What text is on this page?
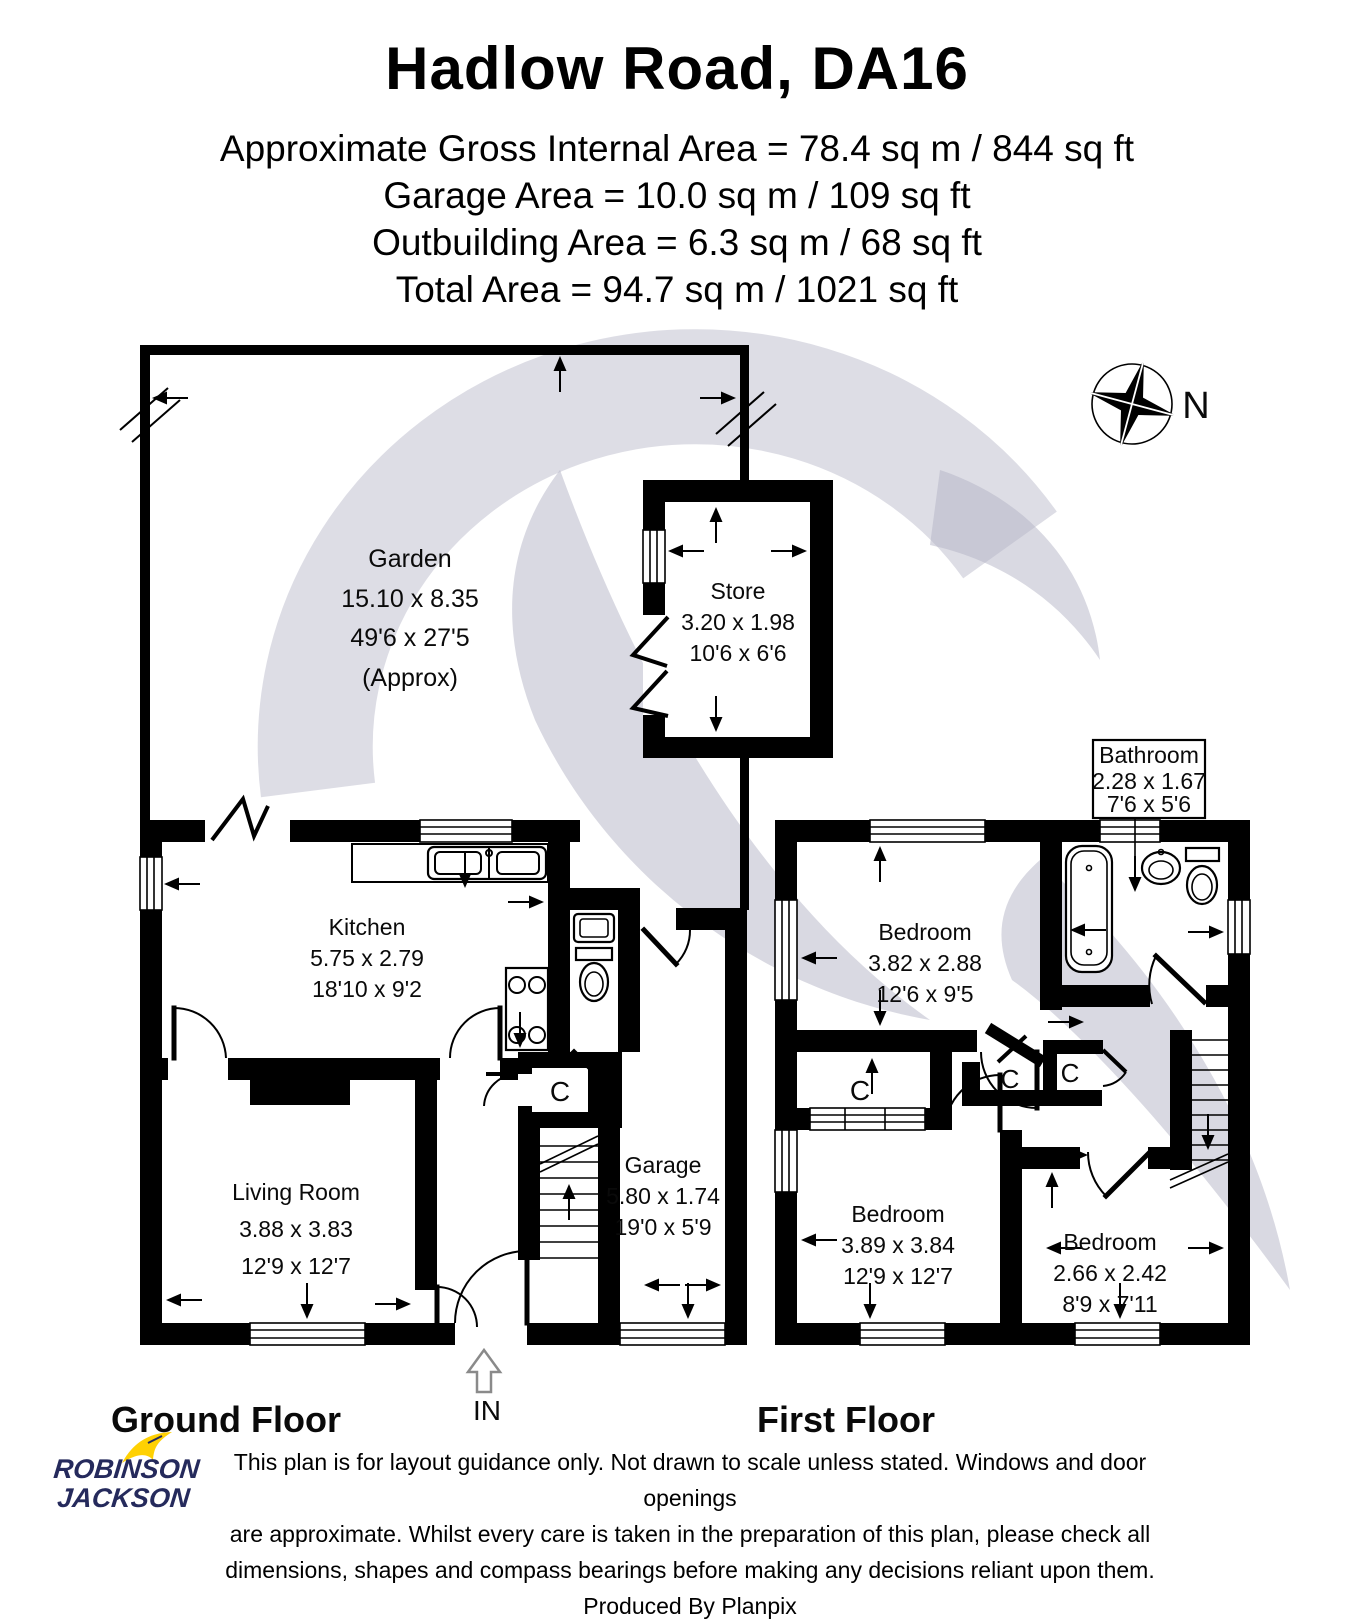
Hadlow Road, DA16
Approximate Gross Internal Area = 78.4 sq m / 844 sq ft
Garage Area = 10.0 sq m / 109 sq ft
Outbuilding Area = 6.3 sq m / 68 sq ft
Total Area = 94.7 sq m / 1021 sq ft
Bathroom
2.28 x 1.67
7'6 x 5'6
Garden
15.10 x 8.35
49'6 x 27'5
(Approx)
Store
3.20 x 1.98
10'6 x 6'6
Kitchen
5.75 x 2.79
18'10 x 9'2
Living Room
3.88 x 3.83
12'9 x 12'7
Garage
5.80 x 1.74
19'0 x 5'9
Bedroom
3.82 x 2.88
12'6 x 9'5
Bedroom
3.89 x 3.84
12'9 x 12'7
Bedroom
2.66 x 2.42
8'9 x 7'11
C	C	C C
Ground Floor	First Floor
IN
N
This plan is for layout guidance only. Not drawn to scale unless stated. Windows and door openings
are approximate. Whilst every care is taken in the preparation of this plan, please check all
dimensions, shapes and compass bearings before making any decisions reliant upon them.
Produced By Planpix
ROBINSON
JACKSON
